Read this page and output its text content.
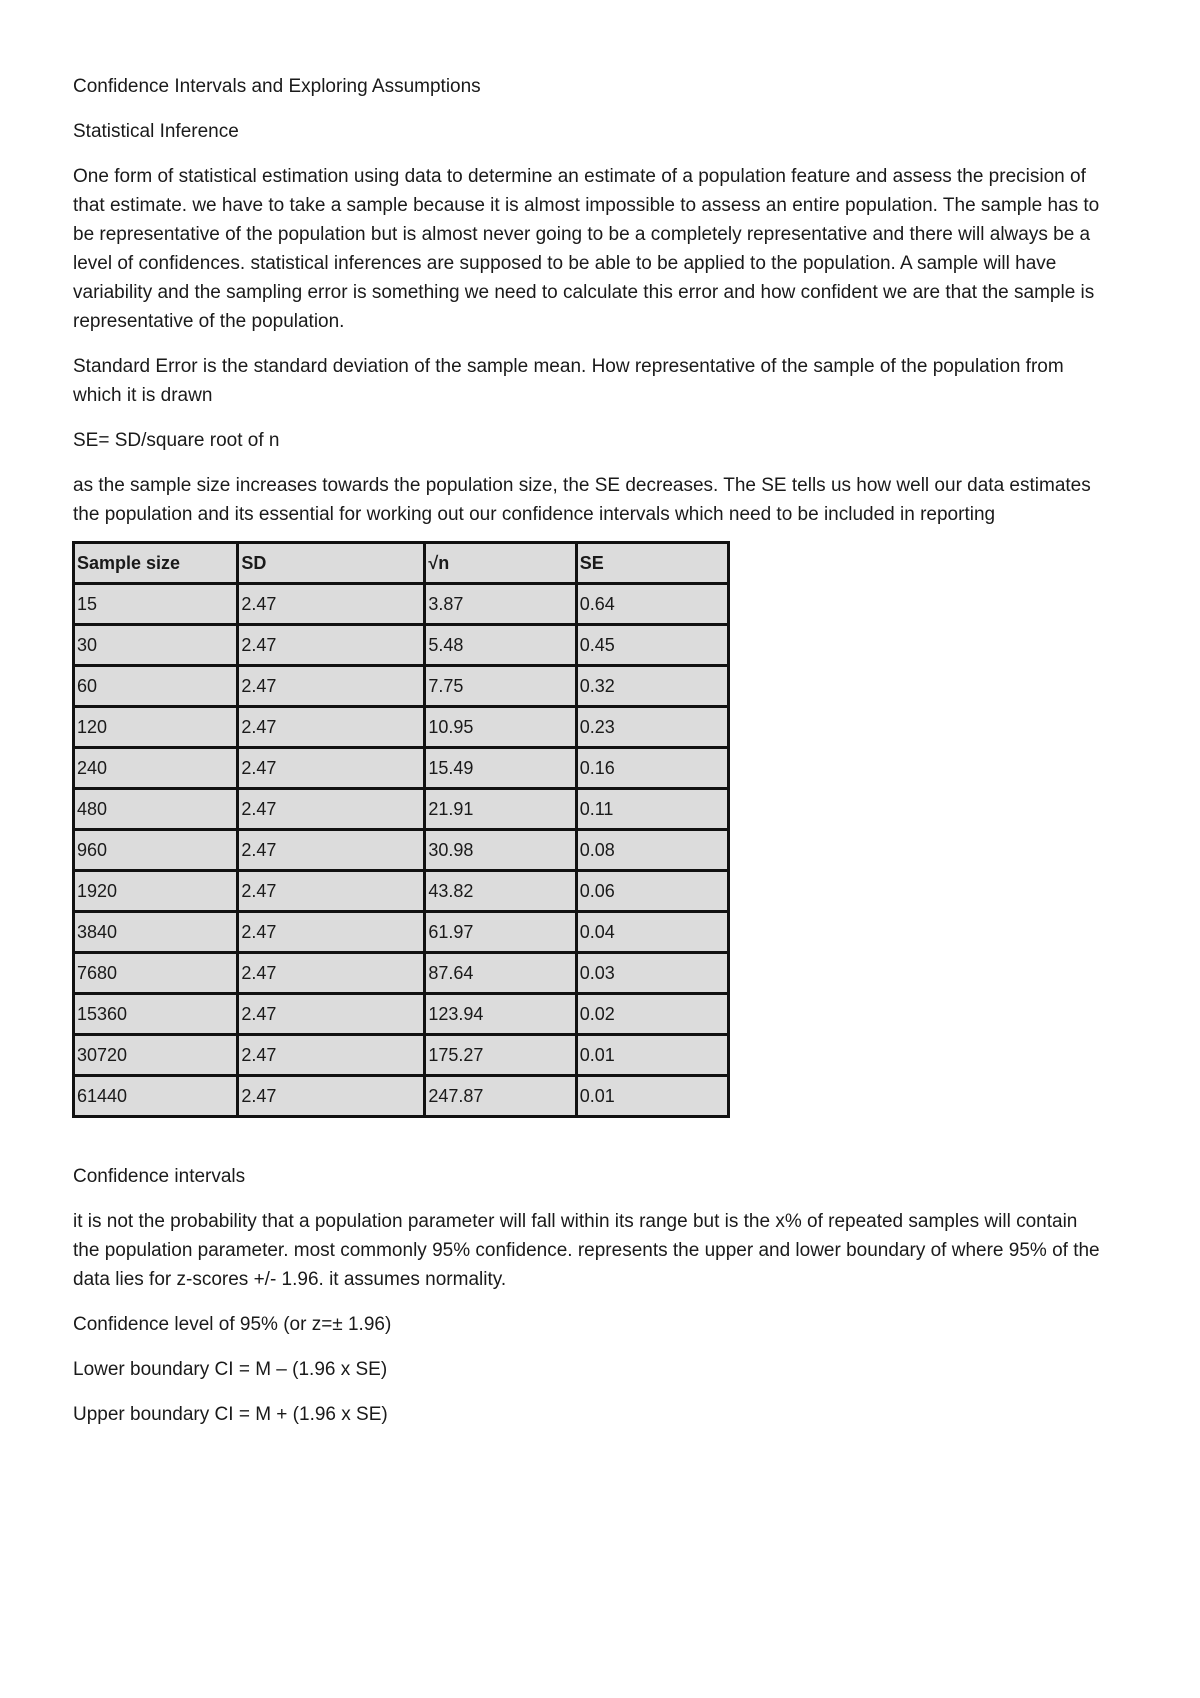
Confidence Intervals and Exploring Assumptions

Statistical Inference

One form of statistical estimation using data to determine an estimate of a population feature and assess the precision of that estimate. we have to take a sample because it is almost impossible to assess an entire population. The sample has to be representative of the population but is almost never going to be a completely representative and there will always be a level of confidences. statistical inferences are supposed to be able to be applied to the population. A sample will have variability and the sampling error is something we need to calculate this error and how confident we are that the sample is representative of the population.

Standard Error is the standard deviation of the sample mean. How representative of the sample of the population from which it is drawn

SE= SD/square root of n

as the sample size increases towards the population size, the SE decreases. The SE tells us how well our data estimates the population and its essential for working out our confidence intervals which need to be included in reporting

Sample size	SD	√n	SE
15	2.47	3.87	0.64
30	2.47	5.48	0.45
60	2.47	7.75	0.32
120	2.47	10.95	0.23
240	2.47	15.49	0.16
480	2.47	21.91	0.11
960	2.47	30.98	0.08
1920	2.47	43.82	0.06
3840	2.47	61.97	0.04
7680	2.47	87.64	0.03
15360	2.47	123.94	0.02
30720	2.47	175.27	0.01
61440	2.47	247.87	0.01

Confidence intervals

it is not the probability that a population parameter will fall within its range but is the x% of repeated samples will contain the population parameter. most commonly 95% confidence. represents the upper and lower boundary of where 95% of the data lies for z-scores +/- 1.96. it assumes normality.

Confidence level of 95% (or z=± 1.96)

Lower boundary CI = M – (1.96 x SE)

Upper boundary CI = M + (1.96 x SE)
